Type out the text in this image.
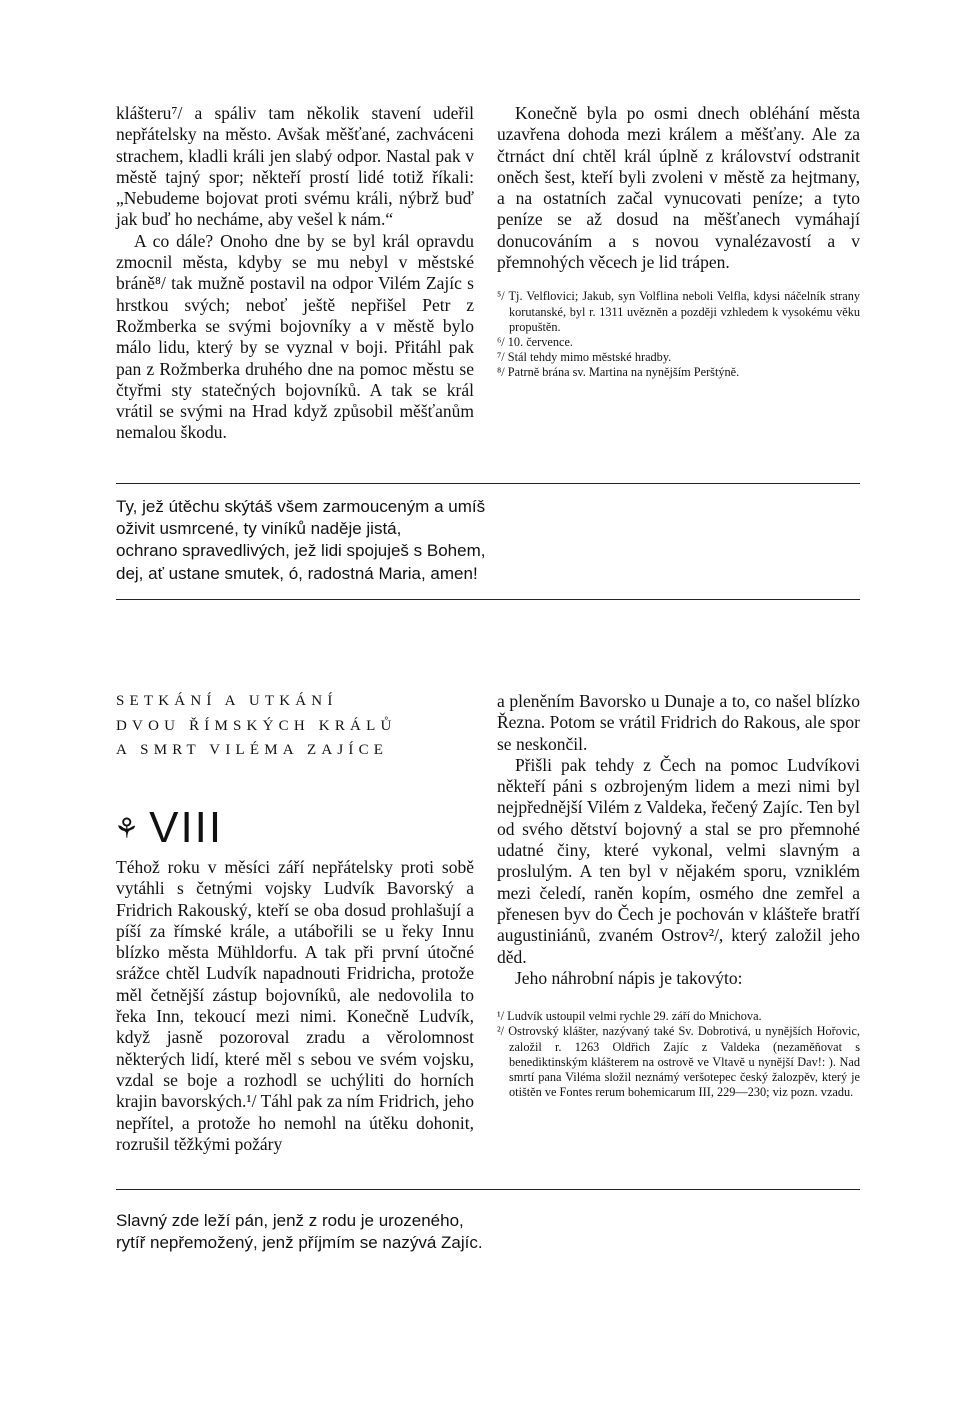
klášteru⁷/ a spáliv tam několik stavení udeřil nepřátelsky na město. Avšak měšťané, zachváceni strachem, kladli králi jen slabý odpor. Nastal pak v městě tajný spor; někteří prostí lidé totiž říkali: „Nebudeme bojovat proti svému králi, nýbrž buď jak buď ho necháme, aby vešel k nám.“

A co dále? Onoho dne by se byl král opravdu zmocnil města, kdyby se mu nebyl v městské bráně⁸/ tak mužně postavil na odpor Vilém Zajíc s hrstkou svých; neboť ještě nepřišel Petr z Rožmberka se svými bojovníky a v městě bylo málo lidu, který by se vyznal v boji. Přitáhl pak pan z Rožmberka druhého dne na pomoc městu se čtyřmi sty statečných bojovníků. A tak se král vrátil se svými na Hrad když způsobil měšťanům nemalou škodu.

Konečně byla po osmi dnech obléhání města uzavřena dohoda mezi králem a měšťany. Ale za čtrnáct dní chtěl král úplně z království odstranit oněch šest, kteří byli zvoleni v městě za hejtmany, a na ostatních začal vynucovati peníze; a tyto peníze se až dosud na měšťanech vymáhají donucováním a s novou vynalézavostí a v přemnohých věcech je lid trápen.

⁵/ Tj. Velflovici; Jakub, syn Volflina neboli Velfla, kdysi náčelník strany korutanské, byl r. 1311 uvězněn a později vzhledem k vysokému věku propuštěn.

⁶/ 10. července.

⁷/ Stál tehdy mimo městské hradby.

⁸/ Patrně brána sv. Martina na nynějším Perštýně.

Ty, jež útěchu skýtáš všem zarmouceným a umíš
oživit usmrcené, ty viníků naděje jistá,
ochrano spravedlivých, jež lidi spojuješ s Bohem,
dej, ať ustane smutek, ó, radostná Maria, amen!
SETKÁNÍ A UTKÁNÍ
DVOU ŘÍMSKÝCH KRÁLŮ
A SMRT VILÉMA ZAJÍCE
⚘ VIII

Téhož roku v měsíci září nepřátelsky proti sobě vytáhli s četnými vojsky Ludvík Bavorský a Fridrich Rakouský, kteří se oba dosud prohlašují a píší za římské krále, a utábořili se u řeky Innu blízko města Mühldorfu. A tak při první útočné srážce chtěl Ludvík napadnouti Fridricha, protože měl četnější zástup bojovníků, ale nedovolila to řeka Inn, tekoucí mezi nimi. Konečně Ludvík, když jasně pozoroval zradu a věrolomnost některých lidí, které měl s sebou ve svém vojsku, vzdal se boje a rozhodl se uchýliti do horních krajin bavorských.¹/ Táhl pak za ním Fridrich, jeho nepřítel, a protože ho nemohl na útěku dohonit, rozrušil těžkými požáry

a pleněním Bavorsko u Dunaje a to, co našel blízko Řezna. Potom se vrátil Fridrich do Rakous, ale spor se neskončil.

Přišli pak tehdy z Čech na pomoc Ludvíkovi někteří páni s ozbrojeným lidem a mezi nimi byl nejpřednější Vilém z Valdeka, řečený Zajíc. Ten byl od svého dětství bojovný a stal se pro přemnohé udatné činy, které vykonal, velmi slavným a proslulým. A ten byl v nějakém sporu, vzniklém mezi čeledí, raněn kopím, osmého dne zemřel a přenesen byv do Čech je pochován v klášteře bratří augustiniánů, zvaném Ostrov²/, který založil jeho děd.

Jeho náhrobní nápis je takovýto:

¹/ Ludvík ustoupil velmi rychle 29. září do Mnichova.

²/ Ostrovský klášter, nazývaný také Sv. Dobrotivá, u nynějších Hořovic, založil r. 1263 Oldřich Zajíc z Valdeka (nezaměňovat s benediktinským klášterem na ostrově ve Vltavě u nynější Dav!: ). Nad smrtí pana Viléma složil neznámý veršotepec český žalozpěv, který je otištěn ve Fontes rerum bohemicarum III, 229—230; viz pozn. vzadu.

Slavný zde leží pán, jenž z rodu je urozeného,
rytíř nepřemožený, jenž příjmím se nazývá Zajíc.
